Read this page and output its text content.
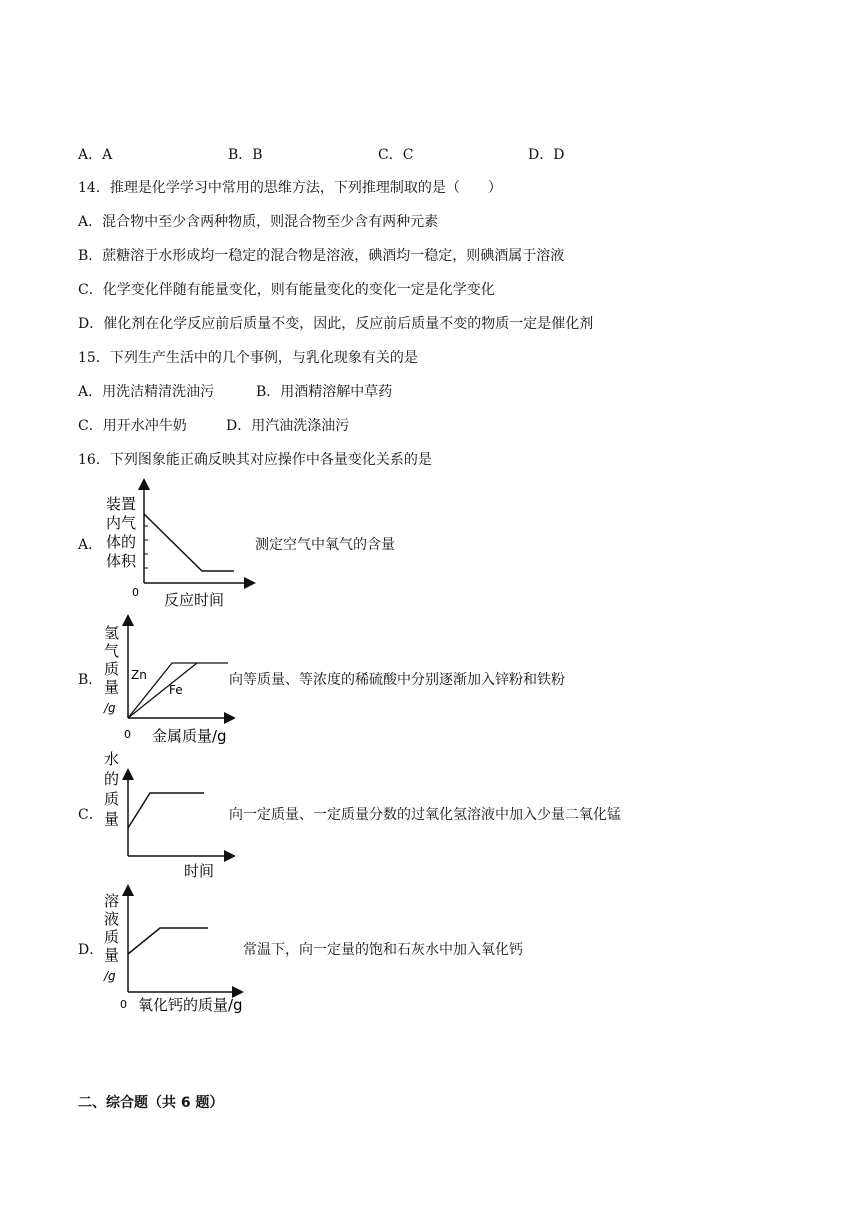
A．A	B．B	C．C	D．D
14．推理是化学学习中常用的思维方法，下列推理制取的是（　　）
A．混合物中至少含两种物质，则混合物至少含有两种元素
B．蔗糖溶于水形成均一稳定的混合物是溶液，碘酒均一稳定，则碘酒属于溶液
C．化学变化伴随有能量变化，则有能量变化的变化一定是化学变化
D．催化剂在化学反应前后质量不变，因此，反应前后质量不变的物质一定是催化剂
15．下列生产生活中的几个事例，与乳化现象有关的是
A．用洗洁精清洗油污	B．用酒精溶解中草药
C．用开水冲牛奶	D．用汽油洗涤油污
16．下列图象能正确反映其对应操作中各量变化关系的是
A．
装置
内气
体的
体积
0 反应时间
测定空气中氧气的含量
B． Zn
Fe
氢
气
质
量
/g
0 金属质量/g
向等质量、等浓度的稀硫酸中分别逐渐加入锌粉和铁粉
C．
水
的
质
量
时间
向一定质量、一定质量分数的过氧化氢溶液中加入少量二氧化锰
D．
溶
液
质
量
/g
0 氧化钙的质量/g
常温下，向一定量的饱和石灰水中加入氧化钙
二、综合题（共 6 题）
